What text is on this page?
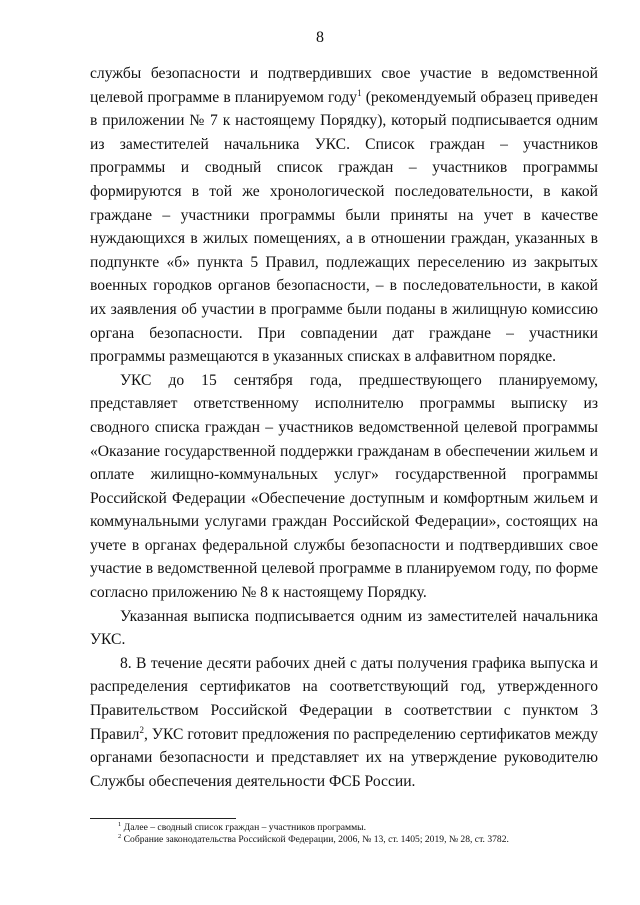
8

службы безопасности и подтвердивших свое участие в ведомственной целевой программе в планируемом году$^1$ (рекомендуемый образец приведен в приложении № 7 к настоящему Порядку), который подписывается одним из заместителей начальника УКС. Список граждан – участников программы и сводный список граждан – участников программы формируются в той же хронологической последовательности, в какой граждане – участники программы были приняты на учет в качестве нуждающихся в жилых помещениях, а в отношении граждан, указанных в подпункте «б» пункта 5 Правил, подлежащих переселению из закрытых военных городков органов безопасности, – в последовательности, в какой их заявления об участии в программе были поданы в жилищную комиссию органа безопасности. При совпадении дат граждане – участники программы размещаются в указанных списках в алфавитном порядке.

УКС до 15 сентября года, предшествующего планируемому, представляет ответственному исполнителю программы выписку из сводного списка граждан – участников ведомственной целевой программы «Оказание государственной поддержки гражданам в обеспечении жильем и оплате жилищно-коммунальных услуг» государственной программы Российской Федерации «Обеспечение доступным и комфортным жильем и коммунальными услугами граждан Российской Федерации», состоящих на учете в органах федеральной службы безопасности и подтвердивших свое участие в ведомственной целевой программе в планируемом году, по форме согласно приложению № 8 к настоящему Порядку.

Указанная выписка подписывается одним из заместителей начальника УКС.

8. В течение десяти рабочих дней с даты получения графика выпуска и распределения сертификатов на соответствующий год, утвержденного Правительством Российской Федерации в соответствии с пунктом 3 Правил$^2$, УКС готовит предложения по распределению сертификатов между органами безопасности и представляет их на утверждение руководителю Службы обеспечения деятельности ФСБ России.

$^1$ Далее – сводный список граждан – участников программы.

$^2$ Собрание законодательства Российской Федерации, 2006, № 13, ст. 1405; 2019, № 28, ст. 3782.
